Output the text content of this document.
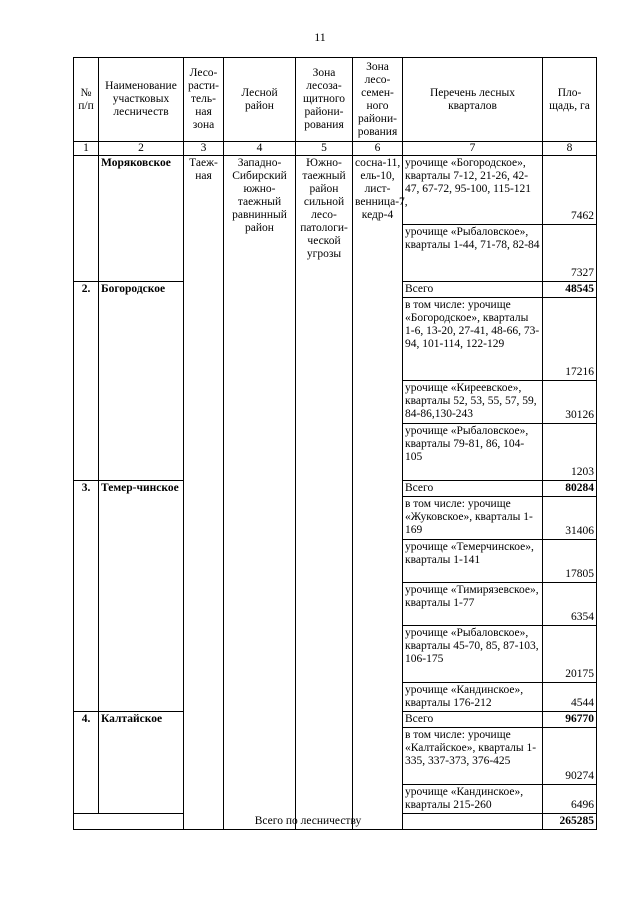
11
№ п/п	Наименование участковых лесничеств	Лесо-расти-тель-ная зона	Лесной район	Зона лесоза-щитного райони-рования	Зона лесо-семен-ного райони-рования	Перечень лесных кварталов	Пло-щадь, га
1	2	3	4	5	6	7	8
	Моряковское	Таеж-ная	Западно-Сибирский южно-таежный равнинный район	Южно-таежный район сильной лесо-патологи-ческой угрозы	сосна-11, ель-10, лист-венница-7, кедр-4	урочище «Богородское», кварталы 7-12, 21-26, 42-47, 67-72, 95-100, 115-121	7462
						урочище «Рыбаловское», кварталы 1-44, 71-78, 82-84	7327
2.	Богородское					Всего	48545
						в том числе: урочище «Богородское», кварталы 1-6, 13-20, 27-41, 48-66, 73-94, 101-114, 122-129	17216
						урочище «Киреевское», кварталы 52, 53, 55, 57, 59, 84-86,130-243	30126
						урочище «Рыбаловское», кварталы 79-81, 86, 104-105	1203
3.	Темер-чинское					Всего	80284
						в том числе: урочище «Жуковское», кварталы 1-169	31406
						урочище «Темерчинское», кварталы 1-141	17805
						урочище «Тимирязевское», кварталы 1-77	6354
						урочище «Рыбаловское», кварталы 45-70, 85, 87-103, 106-175	20175
						урочище «Кандинское», кварталы 176-212	4544
4.	Калтайское					Всего	96770
						в том числе: урочище «Калтайское», кварталы 1-335, 337-373, 376-425	90274
						урочище «Кандинское», кварталы 215-260	6496
Всего по лесничеству							265285
